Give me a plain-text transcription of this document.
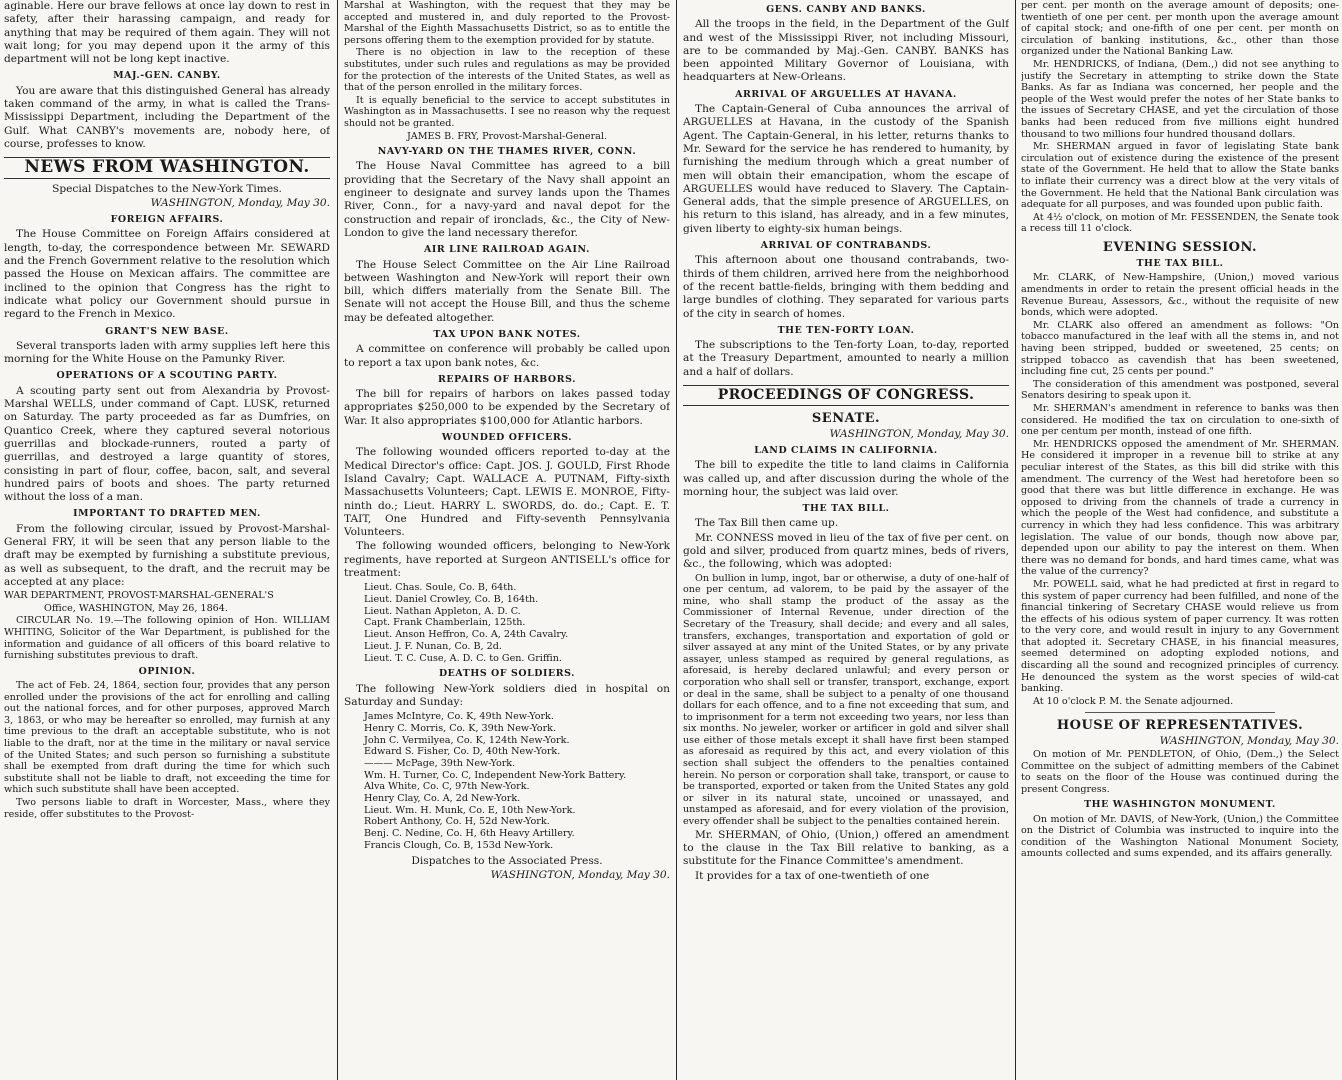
aginable. Here our brave fellows at once lay down to rest in safety, after their harassing campaign, and ready for anything that may be required of them again. They will not wait long; for you may depend upon it the army of this department will not be long kept inactive.

MAJ.-GEN. CANBY.

You are aware that this distinguished General has already taken command of the army, in what is called the Trans-Mississippi Department, including the Department of the Gulf. What CANBY's movements are, nobody here, of course, professes to know.

NEWS FROM WASHINGTON.

Special Dispatches to the New-York Times.

WASHINGTON, Monday, May 30.

FOREIGN AFFAIRS.

The House Committee on Foreign Affairs considered at length, to-day, the correspondence between Mr. SEWARD and the French Government relative to the resolution which passed the House on Mexican affairs. The committee are inclined to the opinion that Congress has the right to indicate what policy our Government should pursue in regard to the French in Mexico.

GRANT'S NEW BASE.

Several transports laden with army supplies left here this morning for the White House on the Pamunky River.

OPERATIONS OF A SCOUTING PARTY.

A scouting party sent out from Alexandria by Provost-Marshal WELLS, under command of Capt. LUSK, returned on Saturday. The party proceeded as far as Dumfries, on Quantico Creek, where they captured several notorious guerrillas and blockade-runners, routed a party of guerrillas, and destroyed a large quantity of stores, consisting in part of flour, coffee, bacon, salt, and several hundred pairs of boots and shoes. The party returned without the loss of a man.

IMPORTANT TO DRAFTED MEN.

From the following circular, issued by Provost-Marshal-General FRY, it will be seen that any person liable to the draft may be exempted by furnishing a substitute previous, as well as subsequent, to the draft, and the recruit may be accepted at any place:

WAR DEPARTMENT, PROVOST-MARSHAL-GENERAL'S

Office, WASHINGTON, May 26, 1864.

CIRCULAR No. 19.—The following opinion of Hon. WILLIAM WHITING, Solicitor of the War Department, is published for the information and guidance of all officers of this board relative to furnishing substitutes previous to draft.

OPINION.

The act of Feb. 24, 1864, section four, provides that any person enrolled under the provisions of the act for enrolling and calling out the national forces, and for other purposes, approved March 3, 1863, or who may be hereafter so enrolled, may furnish at any time previous to the draft an acceptable substitute, who is not liable to the draft, nor at the time in the military or naval service of the United States; and such person so furnishing a substitute shall be exempted from draft during the time for which such substitute shall not be liable to draft, not exceeding the time for which such substitute shall have been accepted.

Two persons liable to draft in Worcester, Mass., where they reside, offer substitutes to the Provost-

Marshal at Washington, with the request that they may be accepted and mustered in, and duly reported to the Provost-Marshal of the Eighth Massachusetts District, so as to entitle the persons offering them to the exemption provided for by statute.

There is no objection in law to the reception of these substitutes, under such rules and regulations as may be provided for the protection of the interests of the United States, as well as that of the person enrolled in the military forces.

It is equally beneficial to the service to accept substitutes in Washington as in Massachusetts. I see no reason why the request should not be granted.

JAMES B. FRY, Provost-Marshal-General.

NAVY-YARD ON THE THAMES RIVER, CONN.

The House Naval Committee has agreed to a bill providing that the Secretary of the Navy shall appoint an engineer to designate and survey lands upon the Thames River, Conn., for a navy-yard and naval depot for the construction and repair of ironclads, &c., the City of New-London to give the land necessary therefor.

AIR LINE RAILROAD AGAIN.

The House Select Committee on the Air Line Railroad between Washington and New-York will report their own bill, which differs materially from the Senate Bill. The Senate will not accept the House Bill, and thus the scheme may be defeated altogether.

TAX UPON BANK NOTES.

A committee on conference will probably be called upon to report a tax upon bank notes, &c.

REPAIRS OF HARBORS.

The bill for repairs of harbors on lakes passed today appropriates $250,000 to be expended by the Secretary of War. It also appropriates $100,000 for Atlantic harbors.

WOUNDED OFFICERS.

The following wounded officers reported to-day at the Medical Director's office: Capt. JOS. J. GOULD, First Rhode Island Cavalry; Capt. WALLACE A. PUTNAM, Fifty-sixth Massachusetts Volunteers; Capt. LEWIS E. MONROE, Fifty-ninth do.; Lieut. HARRY L. SWORDS, do. do.; Capt. E. T. TAIT, One Hundred and Fifty-seventh Pennsylvania Volunteers.

The following wounded officers, belonging to New-York regiments, have reported at Surgeon ANTISELL's office for treatment:

Lieut. Chas. Soule, Co. B, 64th.
Lieut. Daniel Crowley, Co. B, 164th.
Lieut. Nathan Appleton, A. D. C.
Capt. Frank Chamberlain, 125th.
Lieut. Anson Heffron, Co. A, 24th Cavalry.
Lieut. J. F. Nunan, Co. B, 2d.
Lieut. T. C. Cuse, A. D. C. to Gen. Griffin.
DEATHS OF SOLDIERS.

The following New-York soldiers died in hospital on Saturday and Sunday:

James McIntyre, Co. K, 49th New-York.
Henry C. Morris, Co. K, 39th New-York.
John C. Vermilyea, Co. K, 124th New-York.
Edward S. Fisher, Co. D, 40th New-York.
——— McPage, 39th New-York.
Wm. H. Turner, Co. C, Independent New-York Battery.
Alva White, Co. C, 97th New-York.
Henry Clay, Co. A, 2d New-York.
Lieut. Wm. H. Munk, Co. E, 10th New-York.
Robert Anthony, Co. H, 52d New-York.
Benj. C. Nedine, Co. H, 6th Heavy Artillery.
Francis Clough, Co. B, 153d New-York.

Dispatches to the Associated Press.

WASHINGTON, Monday, May 30.

GENS. CANBY AND BANKS.

All the troops in the field, in the Department of the Gulf and west of the Mississippi River, not including Missouri, are to be commanded by Maj.-Gen. CANBY. BANKS has been appointed Military Governor of Louisiana, with headquarters at New-Orleans.

ARRIVAL OF ARGUELLES AT HAVANA.

The Captain-General of Cuba announces the arrival of ARGUELLES at Havana, in the custody of the Spanish Agent. The Captain-General, in his letter, returns thanks to Mr. Seward for the service he has rendered to humanity, by furnishing the medium through which a great number of men will obtain their emancipation, whom the escape of ARGUELLES would have reduced to Slavery. The Captain-General adds, that the simple presence of ARGUELLES, on his return to this island, has already, and in a few minutes, given liberty to eighty-six human beings.

ARRIVAL OF CONTRABANDS.

This afternoon about one thousand contrabands, two-thirds of them children, arrived here from the neighborhood of the recent battle-fields, bringing with them bedding and large bundles of clothing. They separated for various parts of the city in search of homes.

THE TEN-FORTY LOAN.

The subscriptions to the Ten-forty Loan, to-day, reported at the Treasury Department, amounted to nearly a million and a half of dollars.

PROCEEDINGS OF CONGRESS.
SENATE.

WASHINGTON, Monday, May 30.

LAND CLAIMS IN CALIFORNIA.

The bill to expedite the title to land claims in California was called up, and after discussion during the whole of the morning hour, the subject was laid over.

THE TAX BILL.

The Tax Bill then came up.

Mr. CONNESS moved in lieu of the tax of five per cent. on gold and silver, produced from quartz mines, beds of rivers, &c., the following, which was adopted:

On bullion in lump, ingot, bar or otherwise, a duty of one-half of one per centum, ad valorem, to be paid by the assayer of the mine, who shall stamp the product of the assay as the Commissioner of Internal Revenue, under direction of the Secretary of the Treasury, shall decide; and every and all sales, transfers, exchanges, transportation and exportation of gold or silver assayed at any mint of the United States, or by any private assayer, unless stamped as required by general regulations, as aforesaid, is hereby declared unlawful; and every person or corporation who shall sell or transfer, transport, exchange, export or deal in the same, shall be subject to a penalty of one thousand dollars for each offence, and to a fine not exceeding that sum, and to imprisonment for a term not exceeding two years, nor less than six months. No jeweler, worker or artificer in gold and silver shall use either of those metals except it shall have first been stamped as aforesaid as required by this act, and every violation of this section shall subject the offenders to the penalties contained herein. No person or corporation shall take, transport, or cause to be transported, exported or taken from the United States any gold or silver in its natural state, uncoined or unassayed, and unstamped as aforesaid, and for every violation of the provision, every offender shall be subject to the penalties contained herein.

Mr. SHERMAN, of Ohio, (Union,) offered an amendment to the clause in the Tax Bill relative to banking, as a substitute for the Finance Committee's amendment.

It provides for a tax of one-twentieth of one

per cent. per month on the average amount of deposits; one-twentieth of one per cent. per month upon the average amount of capital stock; and one-fifth of one per cent. per month on circulation of banking institutions, &c., other than those organized under the National Banking Law.

Mr. HENDRICKS, of Indiana, (Dem.,) did not see anything to justify the Secretary in attempting to strike down the State Banks. As far as Indiana was concerned, her people and the people of the West would prefer the notes of her State banks to the issues of Secretary CHASE, and yet the circulation of those banks had been reduced from five millions eight hundred thousand to two millions four hundred thousand dollars.

Mr. SHERMAN argued in favor of legislating State bank circulation out of existence during the existence of the present state of the Government. He held that to allow the State banks to inflate their currency was a direct blow at the very vitals of the Government. He held that the National Bank circulation was adequate for all purposes, and was founded upon public faith.

At 4½ o'clock, on motion of Mr. FESSENDEN, the Senate took a recess till 11 o'clock.

EVENING SESSION.
THE TAX BILL.

Mr. CLARK, of New-Hampshire, (Union,) moved various amendments in order to retain the present official heads in the Revenue Bureau, Assessors, &c., without the requisite of new bonds, which were adopted.

Mr. CLARK also offered an amendment as follows: "On tobacco manufactured in the leaf with all the stems in, and not having been stripped, budded or sweetened, 25 cents; on stripped tobacco as cavendish that has been sweetened, including fine cut, 25 cents per pound."

The consideration of this amendment was postponed, several Senators desiring to speak upon it.

Mr. SHERMAN's amendment in reference to banks was then considered. He modified the tax on circulation to one-sixth of one per centum per month, instead of one fifth.

Mr. HENDRICKS opposed the amendment of Mr. SHERMAN. He considered it improper in a revenue bill to strike at any peculiar interest of the States, as this bill did strike with this amendment. The currency of the West had heretofore been so good that there was but little difference in exchange. He was opposed to driving from the channels of trade a currency in which the people of the West had confidence, and substitute a currency in which they had less confidence. This was arbitrary legislation. The value of our bonds, though now above par, depended upon our ability to pay the interest on them. When there was no demand for bonds, and hard times came, what was the value of the currency?

Mr. POWELL said, what he had predicted at first in regard to this system of paper currency had been fulfilled, and none of the financial tinkering of Secretary CHASE would relieve us from the effects of his odious system of paper currency. It was rotten to the very core, and would result in injury to any Government that adopted it. Secretary CHASE, in his financial measures, seemed determined on adopting exploded notions, and discarding all the sound and recognized principles of currency. He denounced the system as the worst species of wild-cat banking.

At 10 o'clock P. M. the Senate adjourned.

HOUSE OF REPRESENTATIVES.

WASHINGTON, Monday, May 30.

On motion of Mr. PENDLETON, of Ohio, (Dem.,) the Select Committee on the subject of admitting members of the Cabinet to seats on the floor of the House was continued during the present Congress.

THE WASHINGTON MONUMENT.

On motion of Mr. DAVIS, of New-York, (Union,) the Committee on the District of Columbia was instructed to inquire into the condition of the Washington National Monument Society, amounts collected and sums expended, and its affairs generally.
